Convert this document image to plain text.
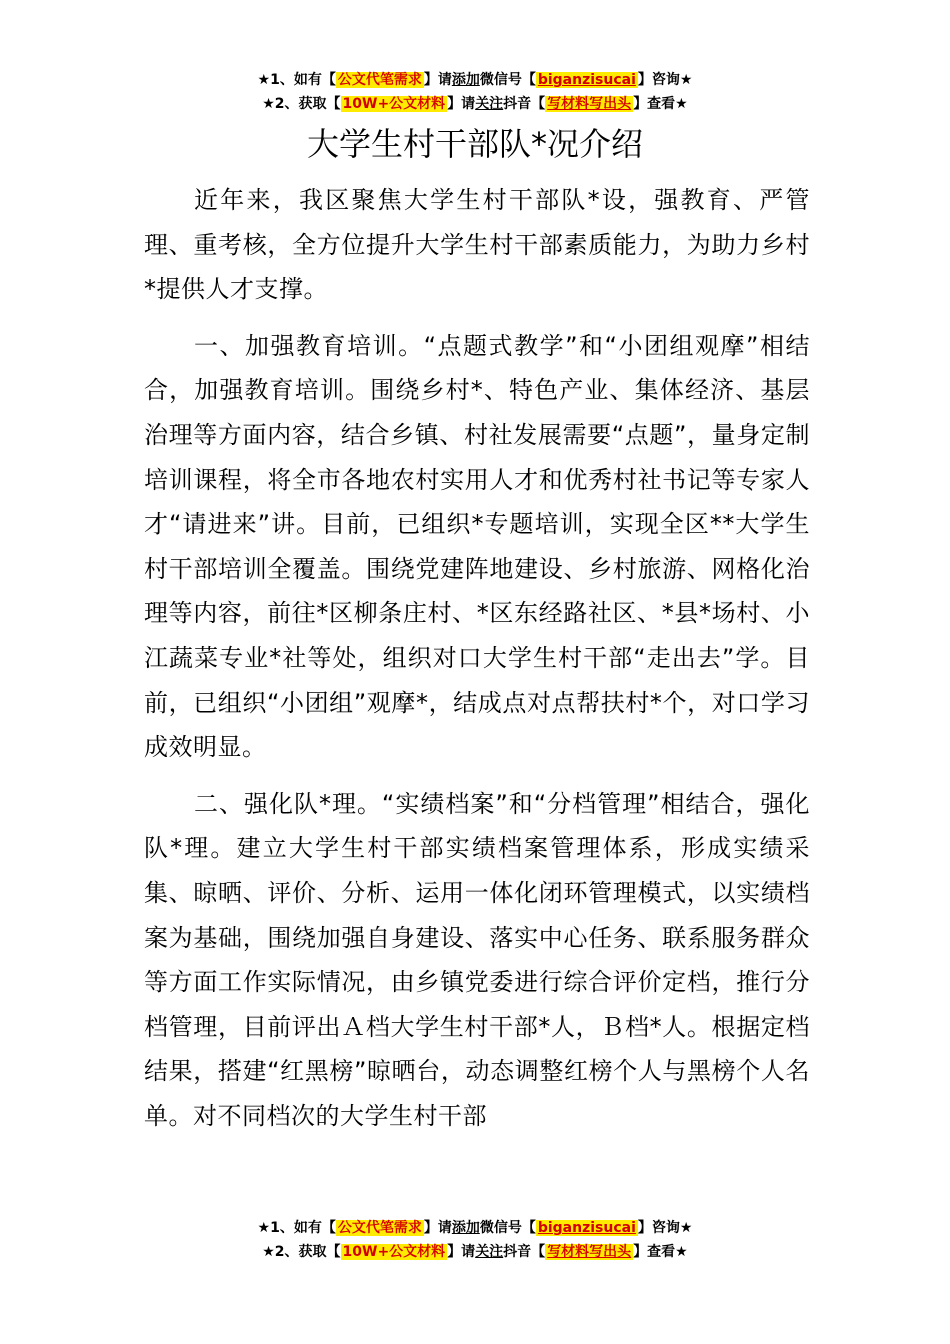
★1、如有【 公文代笔需求 】请添加微信号【 biganzisucai 】咨询★
★2、获取【 10W+公文材料 】请关注抖音【 写材料写出头 】查看★
大学生村干部队*况介绍

近年来，我区聚焦大学生村干部队*设，强教育、严管理、重考核，全方位提升大学生村干部素质能力，为助力乡村*提供人才支撑。

一、加强教育培训。“点题式教学”和“小团组观摩”相结合，加强教育培训。围绕乡村*、特色产业、集体经济、基层治理等方面内容，结合乡镇、村社发展需要“点题”，量身定制培训课程，将全市各地农村实用人才和优秀村社书记等专家人才“请进来”讲。目前，已组织*专题培训，实现全区**大学生村干部培训全覆盖。围绕党建阵地建设、乡村旅游、网格化治理等内容，前往*区柳条庄村、*区东经路社区、*县*场村、小江蔬菜专业*社等处，组织对口大学生村干部“走出去”学。目前，已组织“小团组”观摩*，结成点对点帮扶村*个，对口学习成效明显。

二、强化队*理。“实绩档案”和“分档管理”相结合，强化队*理。建立大学生村干部实绩档案管理体系，形成实绩采集、晾晒、评价、分析、运用一体化闭环管理模式，以实绩档案为基础，围绕加强自身建设、落实中心任务、联系服务群众等方面工作实际情况，由乡镇党委进行综合评价定档，推行分档管理，目前评出Ａ档大学生村干部*人，Ｂ档*人。根据定档结果，搭建“红黑榜”晾晒台，动态调整红榜个人与黑榜个人名单。对不同档次的大学生村干部

★1、如有【 公文代笔需求 】请添加微信号【 biganzisucai 】咨询★
★2、获取【 10W+公文材料 】请关注抖音【 写材料写出头 】查看★
